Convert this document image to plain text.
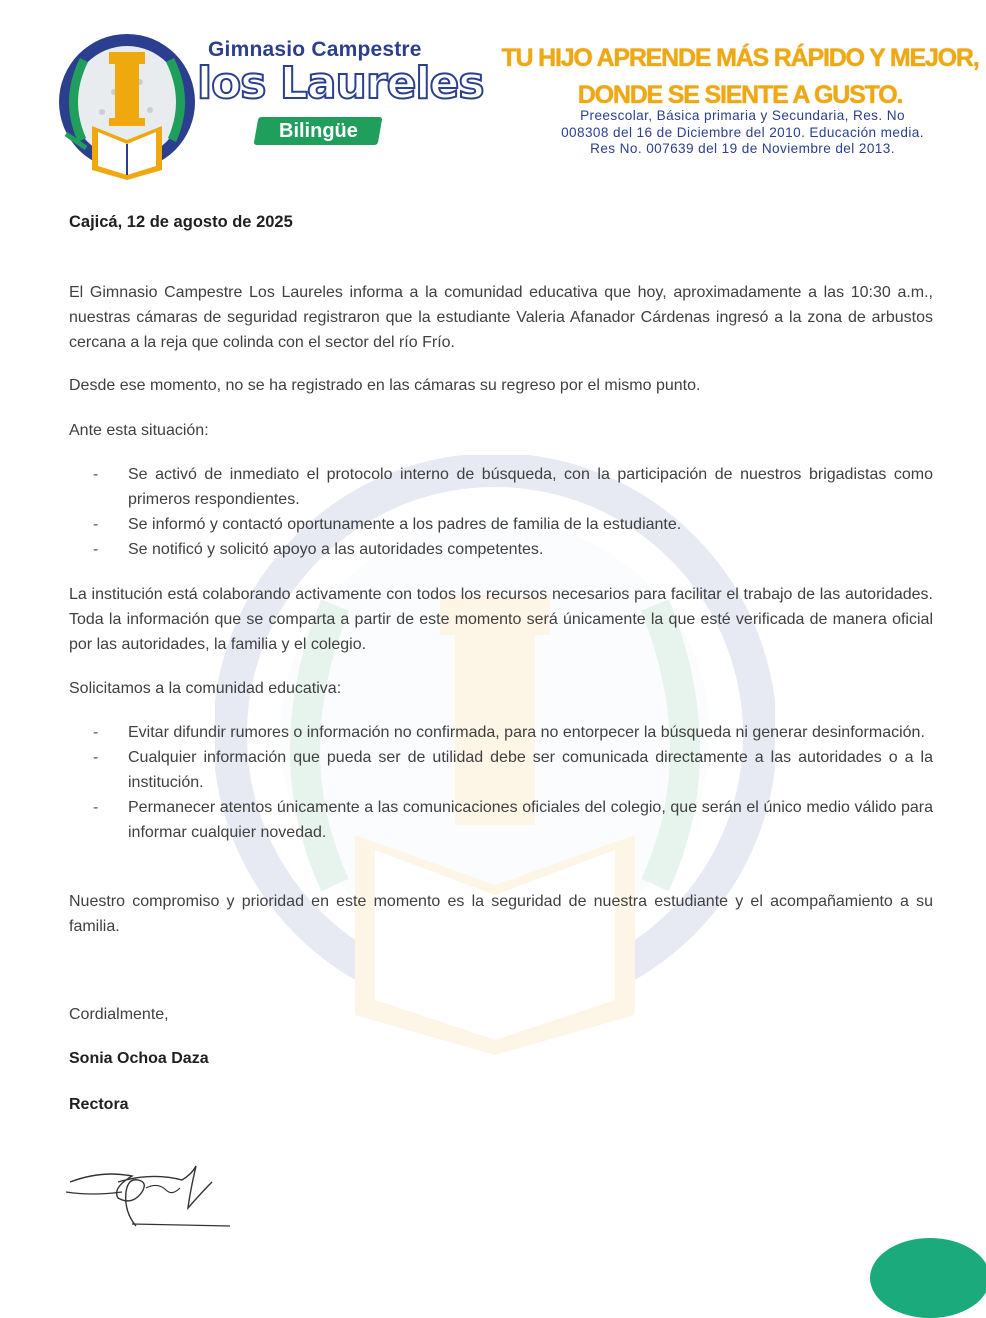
Gimnasio Campestre
los Laureles
Bilingüe
TU HIJO APRENDE MÁS RÁPIDO Y MEJOR,
DONDE SE SIENTE A GUSTO.
Preescolar, Básica primaria y Secundaria, Res. No
008308 del 16 de Diciembre del 2010. Educación media.
Res No. 007639 del 19 de Noviembre del 2013.
Cajicá, 12 de agosto de 2025
El Gimnasio Campestre Los Laureles informa a la comunidad educativa que hoy, aproximadamente a las 10:30 a.m., nuestras cámaras de seguridad registraron que la estudiante Valeria Afanador Cárdenas ingresó a la zona de arbustos cercana a la reja que colinda con el sector del río Frío.
Desde ese momento, no se ha registrado en las cámaras su regreso por el mismo punto.
Ante esta situación:
- Se activó de inmediato el protocolo interno de búsqueda, con la participación de nuestros brigadistas como primeros respondientes.
- Se informó y contactó oportunamente a los padres de familia de la estudiante.
- Se notificó y solicitó apoyo a las autoridades competentes.
La institución está colaborando activamente con todos los recursos necesarios para facilitar el trabajo de las autoridades. Toda la información que se comparta a partir de este momento será únicamente la que esté verificada de manera oficial por las autoridades, la familia y el colegio.
Solicitamos a la comunidad educativa:
- Evitar difundir rumores o información no confirmada, para no entorpecer la búsqueda ni generar desinformación.
- Cualquier información que pueda ser de utilidad debe ser comunicada directamente a las autoridades o a la institución.
- Permanecer atentos únicamente a las comunicaciones oficiales del colegio, que serán el único medio válido para informar cualquier novedad.
Nuestro compromiso y prioridad en este momento es la seguridad de nuestra estudiante y el acompañamiento a su familia.
Cordialmente,
Sonia Ochoa Daza
Rectora
